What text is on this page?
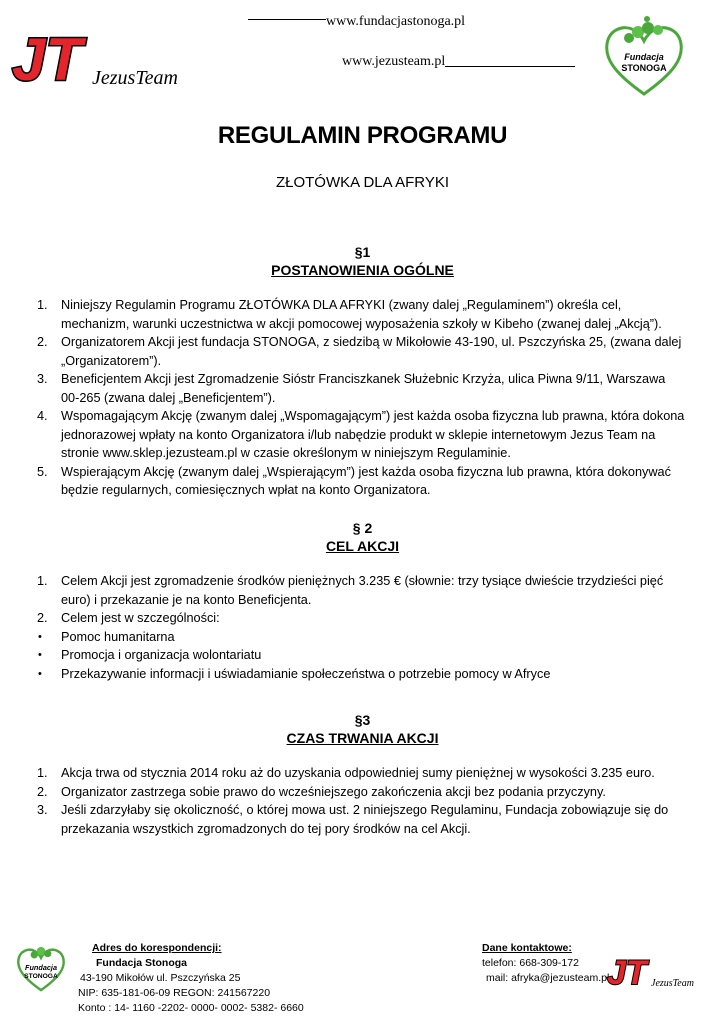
JT JezusTeam
www.fundacjastonoga.pl
www.jezusteam.pl	Fundacja
STONOGA
REGULAMIN PROGRAMU
ZŁOTÓWKA DLA AFRYKI
§1
POSTANOWIENIA OGÓLNE
1. Niniejszy Regulamin Programu ZŁOTÓWKA DLA AFRYKI (zwany dalej „Regulaminem”) określa cel, mechanizm, warunki uczestnictwa w akcji pomocowej wyposażenia szkoły w Kibeho (zwanej dalej „Akcją”).
2. Organizatorem Akcji jest fundacja STONOGA, z siedzibą w Mikołowie 43-190, ul. Pszczyńska 25, (zwana dalej „Organizatorem”).
3. Beneficjentem Akcji jest Zgromadzenie Sióstr Franciszkanek Służebnic Krzyża, ulica Piwna 9/11, Warszawa 00-265 (zwana dalej „Beneficjentem”).
4. Wspomagającym Akcję (zwanym dalej „Wspomagającym”) jest każda osoba fizyczna lub prawna, która dokona jednorazowej wpłaty na konto Organizatora i/lub nabędzie produkt w sklepie internetowym Jezus Team na stronie www.sklep.jezusteam.pl w czasie określonym w niniejszym Regulaminie.
5. Wspierającym Akcję (zwanym dalej „Wspierającym”) jest każda osoba fizyczna lub prawna, która dokonywać będzie regularnych, comiesięcznych wpłat na konto Organizatora.
§ 2
CEL AKCJI
1. Celem Akcji jest zgromadzenie środków pieniężnych 3.235 € (słownie: trzy tysiące dwieście trzydzieści pięć euro) i przekazanie je na konto Beneficjenta.
2. Celem jest w szczególności:
• Pomoc humanitarna
• Promocja i organizacja wolontariatu
• Przekazywanie informacji i uświadamianie społeczeństwa o potrzebie pomocy w Afryce
§3
CZAS TRWANIA AKCJI
1. Akcja trwa od stycznia 2014 roku aż do uzyskania odpowiedniej sumy pieniężnej w wysokości 3.235 euro.
2. Organizator zastrzega sobie prawo do wcześniejszego zakończenia akcji bez podania przyczyny.
3. Jeśli zdarzyłaby się okoliczność, o której mowa ust. 2 niniejszego Regulaminu, Fundacja zobowiązuje się do przekazania wszystkich zgromadzonych do tej pory środków na cel Akcji.
Fundacja
STONOGA
Adres do korespondencji:
Fundacja Stonoga
43-190 Mikołów ul. Pszczyńska 25
NIP: 635-181-06-09 REGON: 241567220
Konto : 14- 1160 -2202- 0000- 0002- 5382- 6660
Dane kontaktowe:
telefon: 668-309-172
mail: afryka@jezusteam.pl
JT JezusTeam
